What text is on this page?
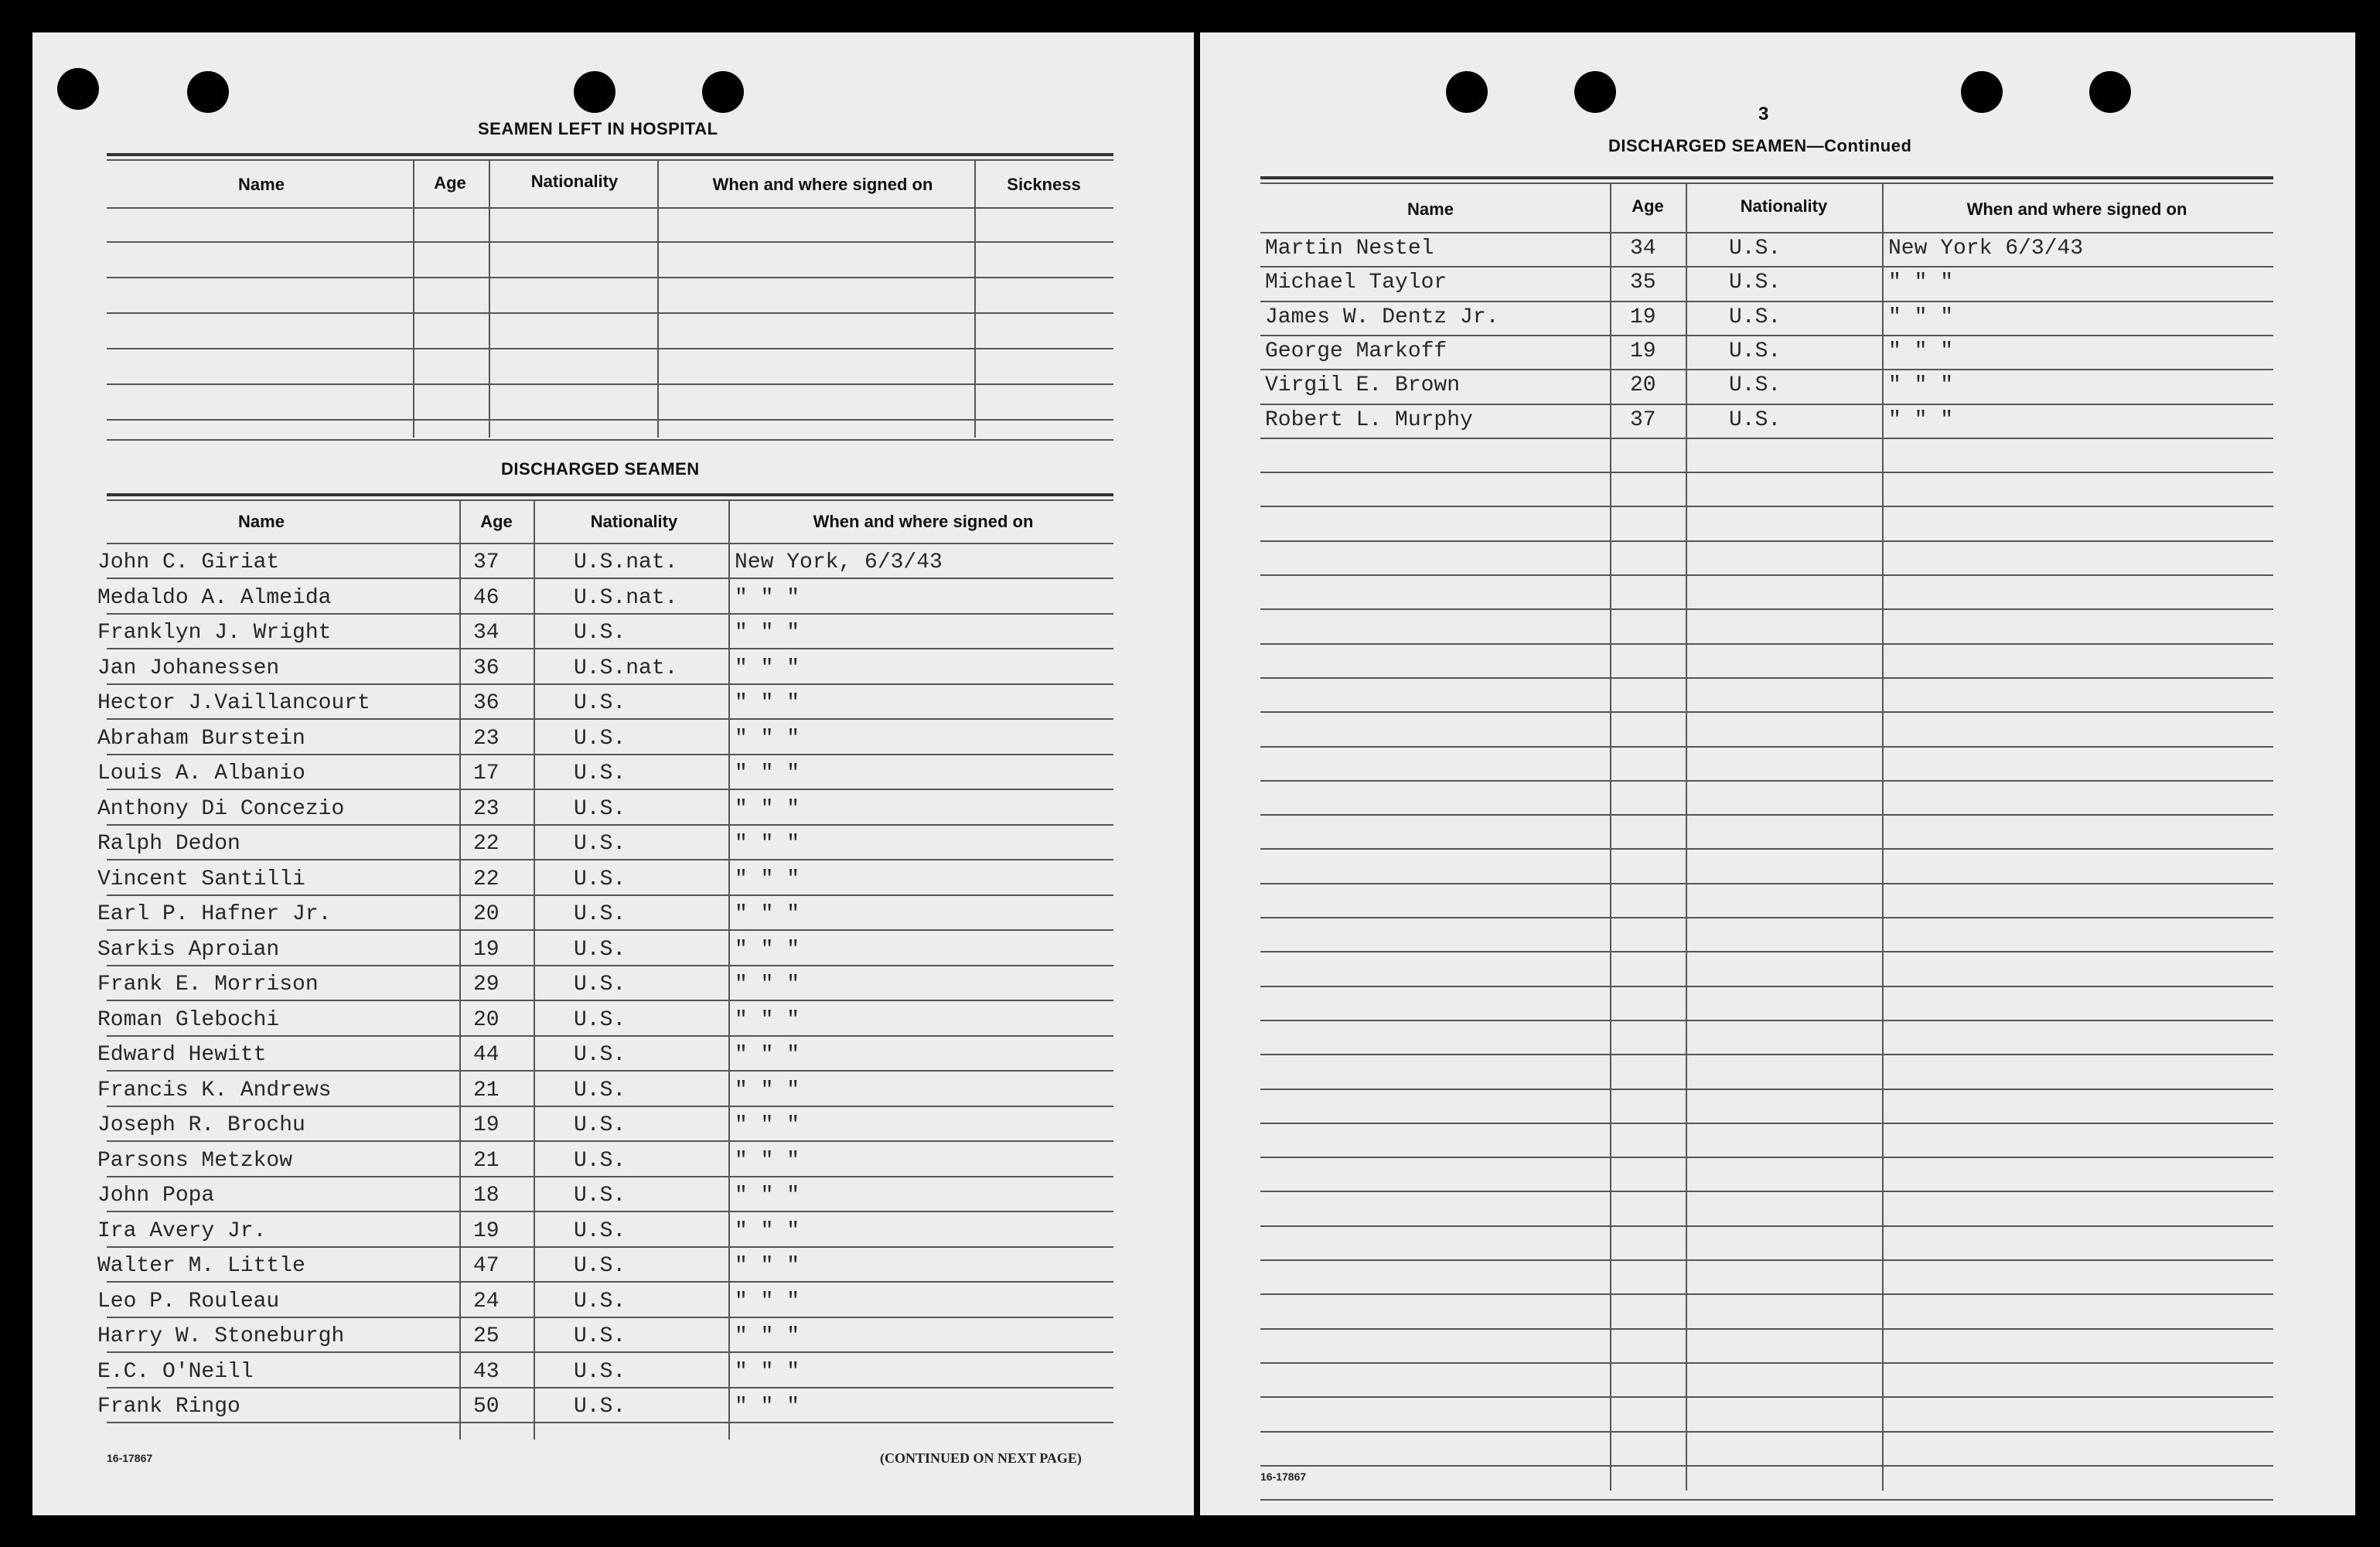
SEAMEN LEFT IN HOSPITAL
Name	Age	Nationality	When and where signed on	Sickness
DISCHARGED SEAMEN
Name	Age	Nationality	When and where signed on
16-17867	(CONTINUED ON NEXT PAGE)
John C. Giriat	37	U.S.nat.	New York, 6/3/43
Medaldo A. Almeida	46	U.S.nat.	" " "
Franklyn J. Wright	34	U.S.	" " "
Jan Johanessen	36	U.S.nat.	" " "
Hector J.Vaillancourt	36	U.S.	" " "
Abraham Burstein	23	U.S.	" " "
Louis A. Albanio	17	U.S.	" " "
Anthony Di Concezio	23	U.S.	" " "
Ralph Dedon	22	U.S.	" " "
Vincent Santilli	22	U.S.	" " "
Earl P. Hafner Jr.	20	U.S.	" " "
Sarkis Aproian	19	U.S.	" " "
Frank E. Morrison	29	U.S.	" " "
Roman Glebochi	20	U.S.	" " "
Edward Hewitt	44	U.S.	" " "
Francis K. Andrews	21	U.S.	" " "
Joseph R. Brochu	19	U.S.	" " "
Parsons Metzkow	21	U.S.	" " "
John Popa	18	U.S.	" " "
Ira Avery Jr.	19	U.S.	" " "
Walter M. Little	47	U.S.	" " "
Leo P. Rouleau	24	U.S.	" " "
Harry W. Stoneburgh	25	U.S.	" " "
E.C. O'Neill	43	U.S.	" " "
Frank Ringo	50	U.S.	" " "
3
DISCHARGED SEAMEN—Continued
Name	Age	Nationality	When and where signed on
16-17867
Martin Nestel	34	U.S.	New York 6/3/43
Michael Taylor	35	U.S.	" " "
James W. Dentz Jr.	19	U.S.	" " "
George Markoff	19	U.S.	" " "
Virgil E. Brown	20	U.S.	" " "
Robert L. Murphy	37	U.S.	" " "
